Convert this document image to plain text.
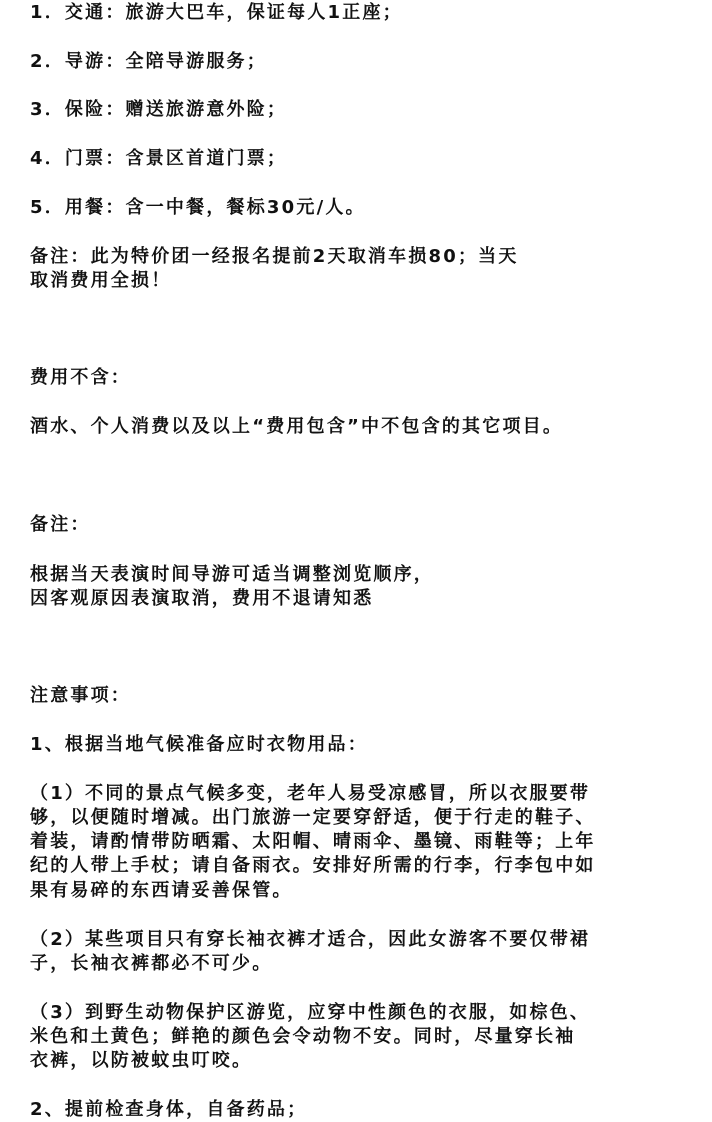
1．交通：旅游大巴车，保证每人1正座；

2．导游：全陪导游服务；

3．保险：赠送旅游意外险；

4．门票：含景区首道门票；

5．用餐：含一中餐，餐标30元/人。

备注：此为特价团一经报名提前2天取消车损80；当天

取消费用全损！

费用不含：

酒水、个人消费以及以上“费用包含”中不包含的其它项目。

备注：

根据当天表演时间导游可适当调整浏览顺序，

因客观原因表演取消，费用不退请知悉

注意事项：

1、根据当地气候准备应时衣物用品：

（1）不同的景点气候多变，老年人易受凉感冒，所以衣服要带

够，以便随时增减。出门旅游一定要穿舒适，便于行走的鞋子、

着装，请酌情带防晒霜、太阳帽、晴雨伞、墨镜、雨鞋等；上年

纪的人带上手杖；请自备雨衣。安排好所需的行李，行李包中如

果有易碎的东西请妥善保管。

（2）某些项目只有穿长袖衣裤才适合，因此女游客不要仅带裙

子，长袖衣裤都必不可少。

（3）到野生动物保护区游览，应穿中性颜色的衣服，如棕色、

米色和土黄色；鲜艳的颜色会令动物不安。同时，尽量穿长袖

衣裤，以防被蚊虫叮咬。

2、提前检查身体，自备药品；
